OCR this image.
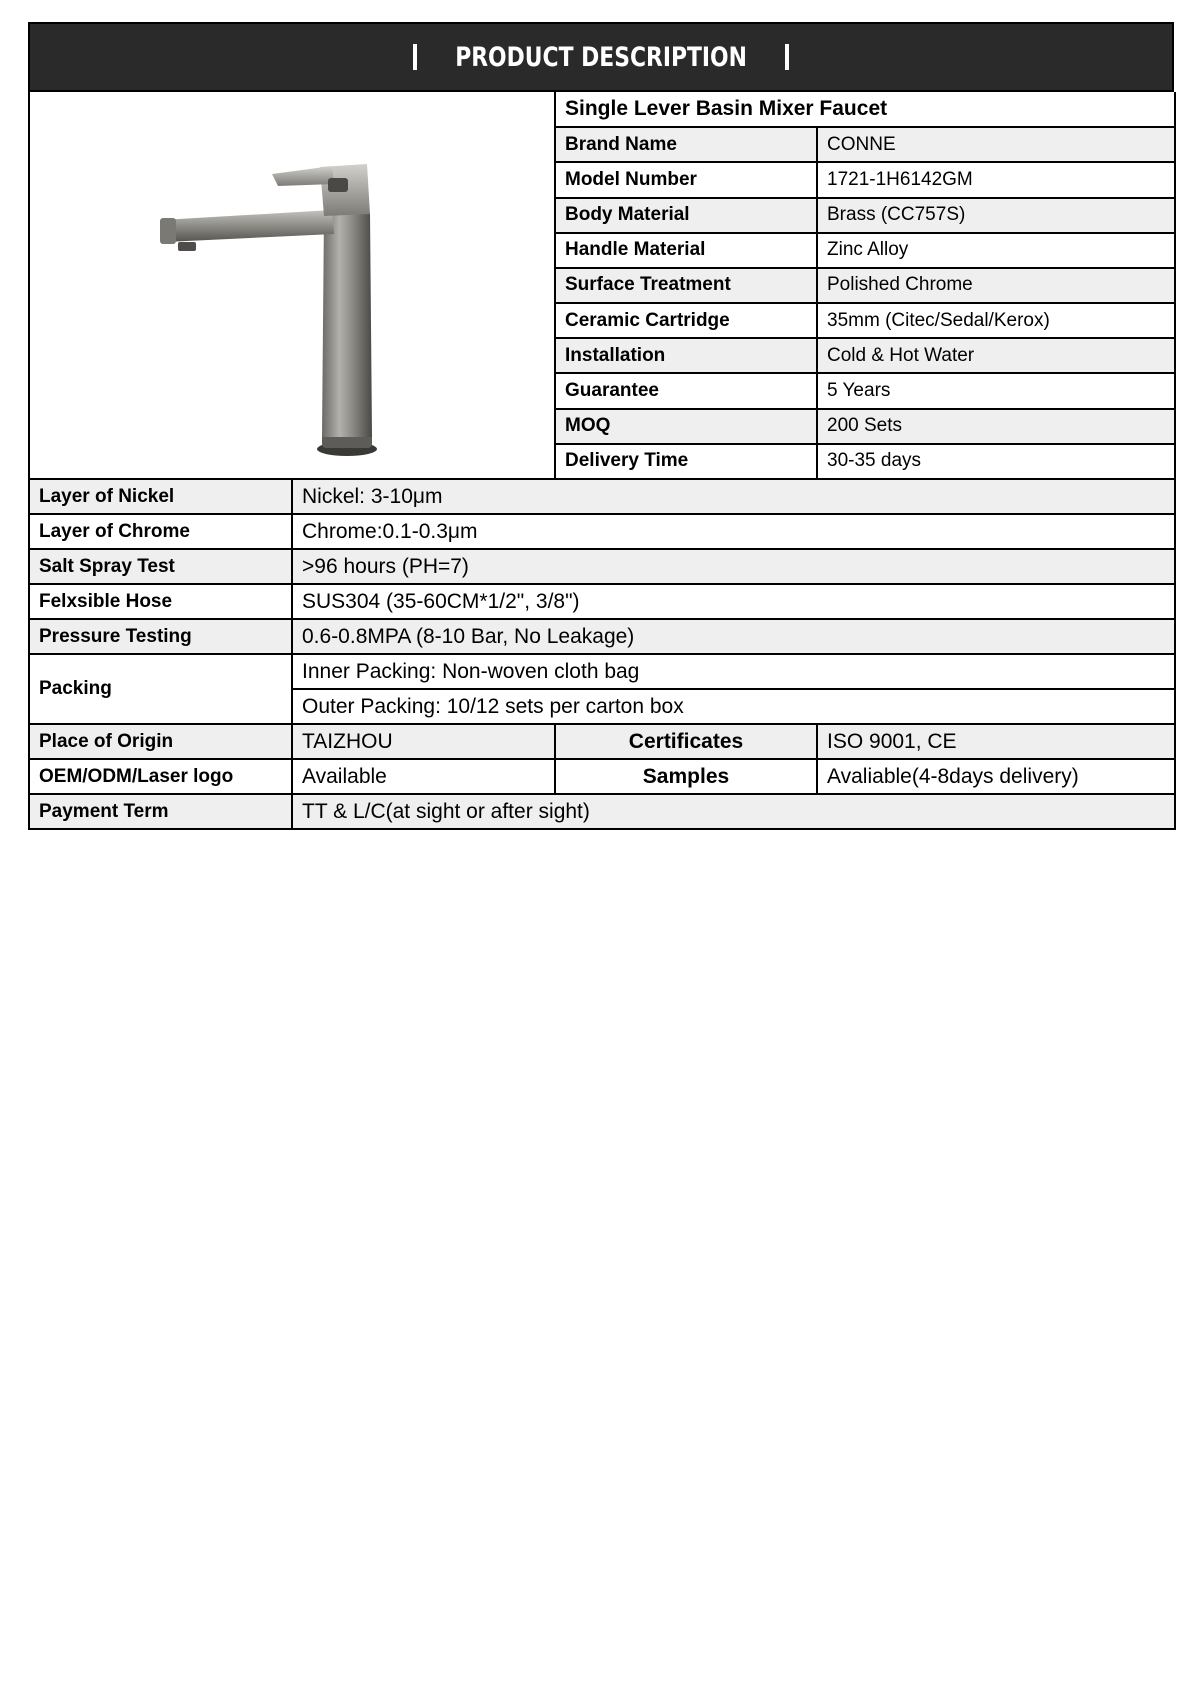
PRODUCT DESCRIPTION
	Single Lever Basin Mixer Faucet	
		Brand Name	CONNE
		Model Number	1721-1H6142GM
		Body Material	Brass (CC757S)
		Handle Material	Zinc Alloy
		Surface Treatment	Polished Chrome
		Ceramic Cartridge	35mm (Citec/Sedal/Kerox)
		Installation	Cold & Hot Water
		Guarantee	5 Years
		MOQ	200 Sets
		Delivery Time	30-35 days
Layer of Nickel	Nickel: 3-10μm		
Layer of Chrome	Chrome:0.1-0.3μm		
Salt Spray Test	>96 hours (PH=7)		
Felxsible Hose	SUS304 (35-60CM*1/2", 3/8")		
Pressure Testing	0.6-0.8MPA (8-10 Bar, No Leakage)		
Packing	Inner Packing: Non-woven cloth bag		
	Outer Packing: 10/12 sets per carton box		
Place of Origin	TAIZHOU	Certificates	ISO 9001, CE
OEM/ODM/Laser logo	Available	Samples	Avaliable(4-8days delivery)
Payment Term	TT & L/C(at sight or after sight)		
